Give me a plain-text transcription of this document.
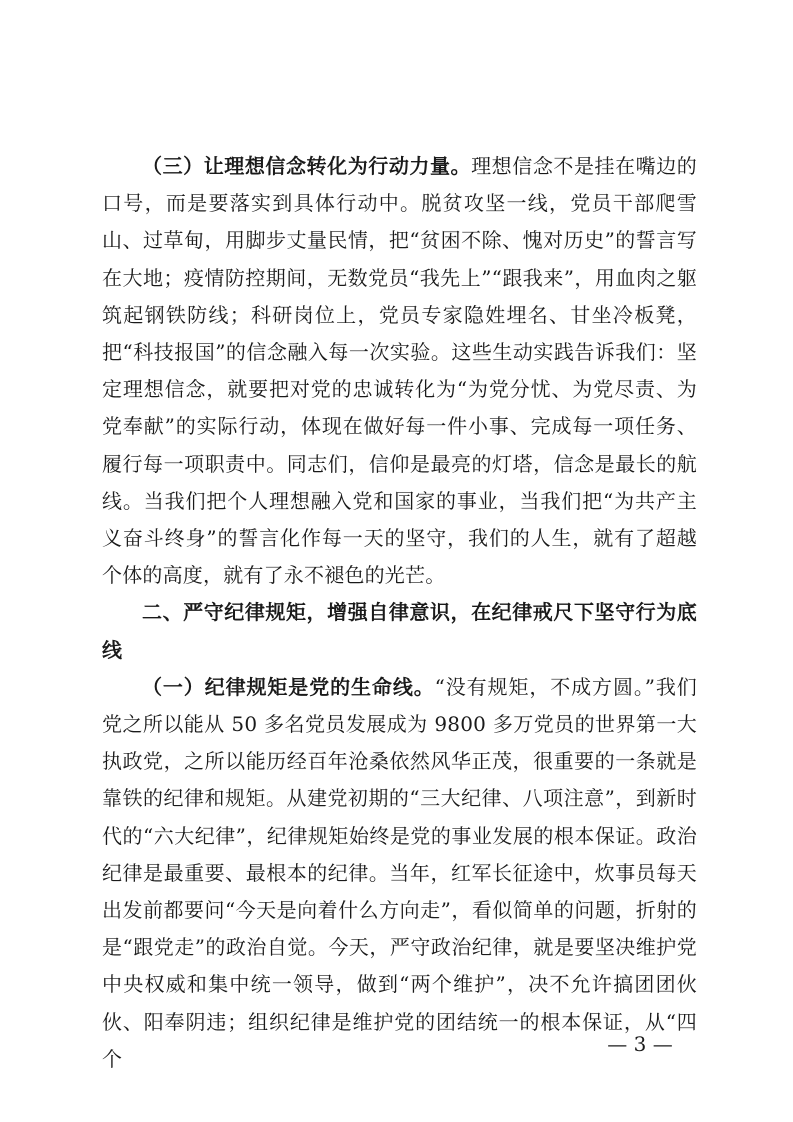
（三）让理想信念转化为行动力量。理想信念不是挂在嘴边的口号，而是要落实到具体行动中。脱贫攻坚一线，党员干部爬雪山、过草甸，用脚步丈量民情，把“贫困不除、愧对历史”的誓言写在大地；疫情防控期间，无数党员“我先上”“跟我来”，用血肉之躯筑起钢铁防线；科研岗位上，党员专家隐姓埋名、甘坐冷板凳，把“科技报国”的信念融入每一次实验。这些生动实践告诉我们：坚定理想信念，就要把对党的忠诚转化为“为党分忧、为党尽责、为党奉献”的实际行动，体现在做好每一件小事、完成每一项任务、履行每一项职责中。同志们，信仰是最亮的灯塔，信念是最长的航线。当我们把个人理想融入党和国家的事业，当我们把“为共产主义奋斗终身”的誓言化作每一天的坚守，我们的人生，就有了超越个体的高度，就有了永不褪色的光芒。

二、严守纪律规矩，增强自律意识，在纪律戒尺下坚守行为底线

（一）纪律规矩是党的生命线。“没有规矩，不成方圆。”我们党之所以能从 50 多名党员发展成为 9800 多万党员的世界第一大执政党，之所以能历经百年沧桑依然风华正茂，很重要的一条就是靠铁的纪律和规矩。从建党初期的“三大纪律、八项注意”，到新时代的“六大纪律”，纪律规矩始终是党的事业发展的根本保证。政治纪律是最重要、最根本的纪律。当年，红军长征途中，炊事员每天出发前都要问“今天是向着什么方向走”，看似简单的问题，折射的是“跟党走”的政治自觉。今天，严守政治纪律，就是要坚决维护党中央权威和集中统一领导，做到“两个维护”，决不允许搞团团伙伙、阳奉阴违；组织纪律是维护党的团结统一的根本保证，从“四个

— 3 —
